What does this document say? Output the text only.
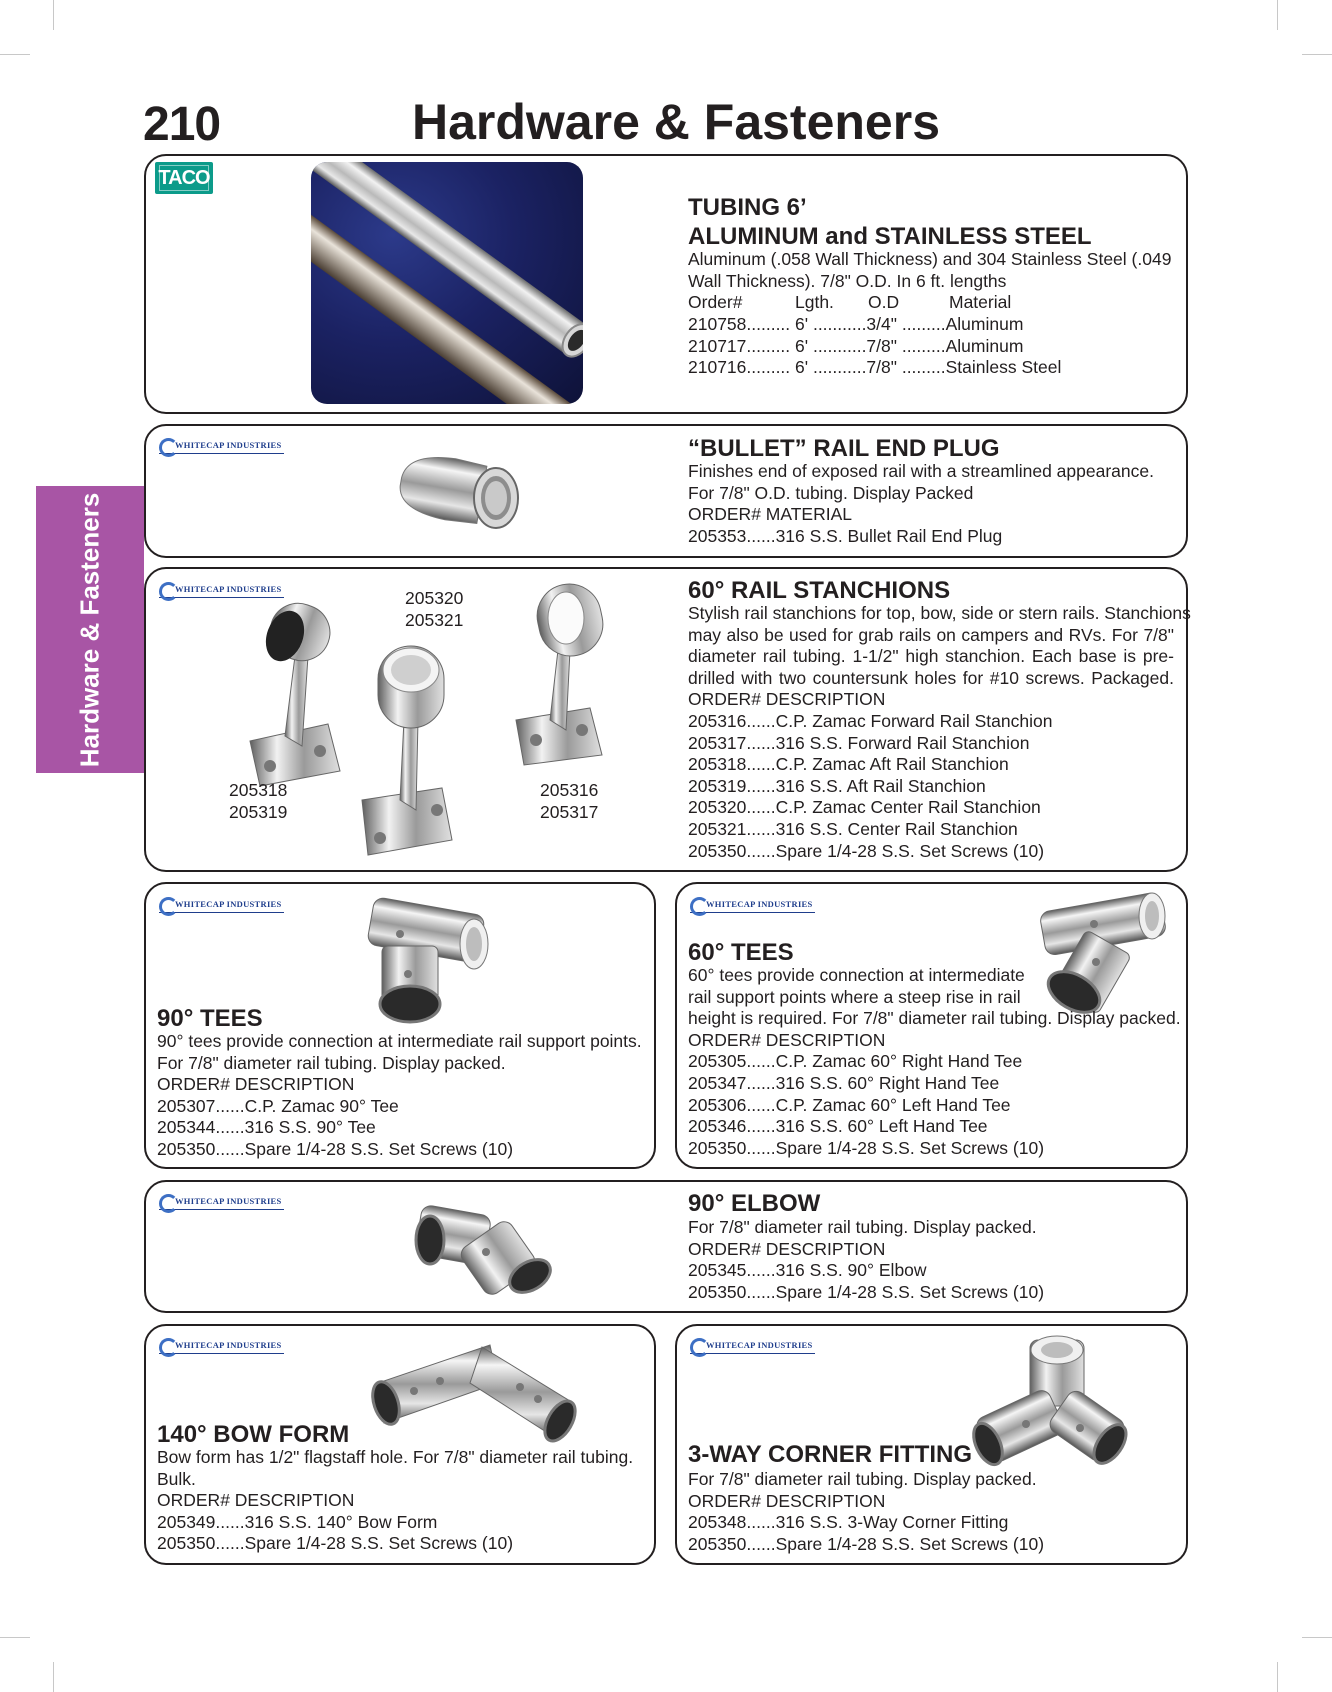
210	Hardware & Fasteners
Hardware & Fasteners
TACO
TUBING 6’
ALUMINUM and STAINLESS STEEL
Aluminum (.058 Wall Thickness) and 304 Stainless Steel (.049
Wall Thickness). 7/8" O.D. In 6 ft. lengths
Order#	Lgth. O.D	Material
210758......... 6' ...........3/4" .........Aluminum
210717......... 6' ...........7/8" .........Aluminum
210716......... 6' ...........7/8" .........Stainless Steel
WHITECAP INDUSTRIES	“BULLET” RAIL END PLUG
Finishes end of exposed rail with a streamlined appearance.
For 7/8" O.D. tubing. Display Packed
ORDER# MATERIAL
205353......316 S.S. Bullet Rail End Plug
WHITECAP INDUSTRIES	205320
205321
205318
205319
205316
205317
60° RAIL STANCHIONS
Stylish rail stanchions for top, bow, side or stern rails. Stanchions
may also be used for grab rails on campers and RVs. For 7/8"
diameter rail tubing. 1-1/2" high stanchion. Each base is pre-
drilled with two countersunk holes for #10 screws. Packaged.
ORDER# DESCRIPTION
205316......C.P. Zamac Forward Rail Stanchion
205317......316 S.S. Forward Rail Stanchion
205318......C.P. Zamac Aft Rail Stanchion
205319......316 S.S. Aft Rail Stanchion
205320......C.P. Zamac Center Rail Stanchion
205321......316 S.S. Center Rail Stanchion
205350......Spare 1/4-28 S.S. Set Screws (10)
WHITECAP INDUSTRIES
90° TEES
90° tees provide connection at intermediate rail support points.
For 7/8" diameter rail tubing. Display packed.
ORDER# DESCRIPTION
205307......C.P. Zamac 90° Tee
205344......316 S.S. 90° Tee
205350......Spare 1/4-28 S.S. Set Screws (10)
WHITECAP INDUSTRIES
60° TEES
60° tees provide connection at intermediate
rail support points where a steep rise in rail
height is required. For 7/8" diameter rail tubing. Display packed.
ORDER# DESCRIPTION
205305......C.P. Zamac 60° Right Hand Tee
205347......316 S.S. 60° Right Hand Tee
205306......C.P. Zamac 60° Left Hand Tee
205346......316 S.S. 60° Left Hand Tee
205350......Spare 1/4-28 S.S. Set Screws (10)
WHITECAP INDUSTRIES	90° ELBOW
For 7/8" diameter rail tubing. Display packed.
ORDER# DESCRIPTION
205345......316 S.S. 90° Elbow
205350......Spare 1/4-28 S.S. Set Screws (10)
WHITECAP INDUSTRIES
140° BOW FORM
Bow form has 1/2" flagstaff hole. For 7/8" diameter rail tubing.
Bulk.
ORDER# DESCRIPTION
205349......316 S.S. 140° Bow Form
205350......Spare 1/4-28 S.S. Set Screws (10)
WHITECAP INDUSTRIES
3-WAY CORNER FITTING
For 7/8" diameter rail tubing. Display packed.
ORDER# DESCRIPTION
205348......316 S.S. 3-Way Corner Fitting
205350......Spare 1/4-28 S.S. Set Screws (10)
